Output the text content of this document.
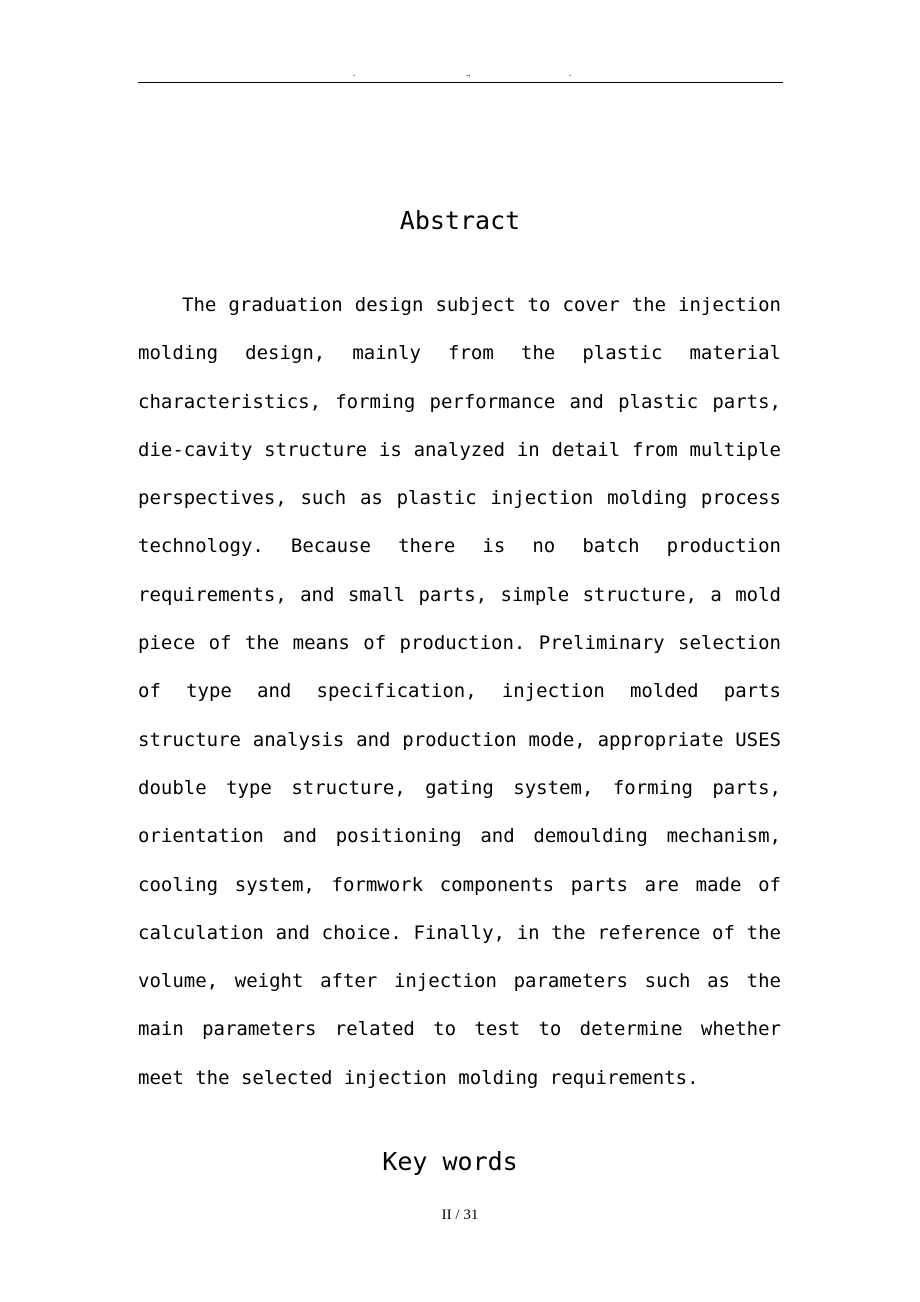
.	..	.
Abstract

The graduation design subject to cover the injection molding design, mainly from the plastic material characteristics, forming performance and plastic parts, die-cavity structure is analyzed in detail from multiple perspectives, such as plastic injection molding process technology. Because there is no batch production requirements, and small parts, simple structure, a mold piece of the means of production. Preliminary selection of type and specification, injection molded parts structure analysis and production mode, appropriate USES double type structure, gating system, forming parts, orientation and positioning and demoulding mechanism, cooling system, formwork components parts are made of calculation and choice. Finally, in the reference of the volume, weight after injection parameters such as the main parameters related to test to determine whether meet the selected injection molding requirements.

Key words
II / 31
